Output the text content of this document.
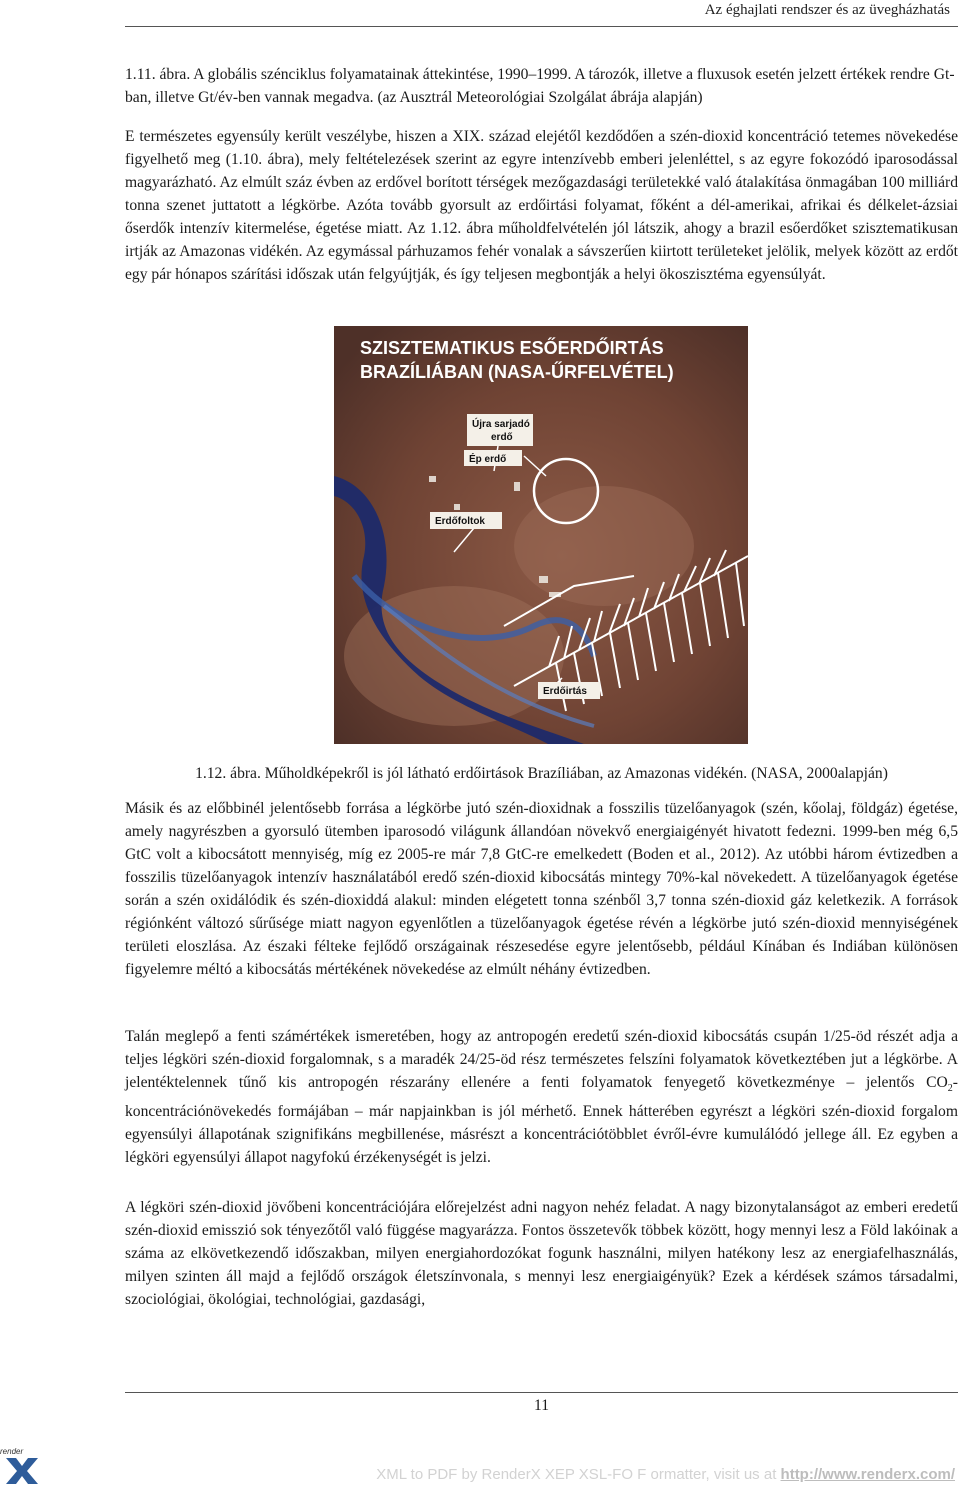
Az éghajlati rendszer és az üvegházhatás
1.11. ábra. A globális szénciklus folyamatainak áttekintése, 1990–1999. A tározók, illetve a fluxusok esetén jelzett értékek rendre Gt-ban, illetve Gt/év-ben vannak megadva. (az Ausztrál Meteorológiai Szolgálat ábrája alapján)

E természetes egyensúly került veszélybe, hiszen a XIX. század elejétől kezdődően a szén-dioxid koncentráció tetemes növekedése figyelhető meg (1.10. ábra), mely feltételezések szerint az egyre intenzívebb emberi jelenléttel, s az egyre fokozódó iparosodással magyarázható. Az elmúlt száz évben az erdővel borított térségek mezőgazdasági területekké való átalakítása önmagában 100 milliárd tonna szenet juttatott a légkörbe. Azóta tovább gyorsult az erdőirtási folyamat, főként a dél-amerikai, afrikai és délkelet-ázsiai őserdők intenzív kitermelése, égetése miatt. Az 1.12. ábra műholdfelvételén jól látszik, ahogy a brazil esőerdőket szisztematikusan irtják az Amazonas vidékén. Az egymással párhuzamos fehér vonalak a sávszerűen kiirtott területeket jelölik, melyek között az erdőt egy pár hónapos szárítási időszak után felgyújtják, és így teljesen megbontják a helyi ökoszisztéma egyensúlyát.

SZISZTEMATIKUS ESŐERDŐIRTÁS
BRAZÍLIÁBAN (NASA-ŰRFELVÉTEL)
Újra sarjadó
erdő
Ép erdő
Erdőfoltok
Erdőirtás
1.12. ábra. Műholdképekről is jól látható erdőirtások Brazíliában, az Amazonas vidékén. (NASA, 2000alapján)

Másik és az előbbinél jelentősebb forrása a légkörbe jutó szén-dioxidnak a fosszilis tüzelőanyagok (szén, kőolaj, földgáz) égetése, amely nagyrészben a gyorsuló ütemben iparosodó világunk állandóan növekvő energiaigényét hivatott fedezni. 1999-ben még 6,5 GtC volt a kibocsátott mennyiség, míg ez 2005-re már 7,8 GtC-re emelkedett (Boden et al., 2012). Az utóbbi három évtizedben a fosszilis tüzelőanyagok intenzív használatából eredő szén-dioxid kibocsátás mintegy 70%-kal növekedett. A tüzelőanyagok égetése során a szén oxidálódik és szén-dioxiddá alakul: minden elégetett tonna szénből 3,7 tonna szén-dioxid gáz keletkezik. A források régiónként változó sűrűsége miatt nagyon egyenlőtlen a tüzelőanyagok égetése révén a légkörbe jutó szén-dioxid mennyiségének területi eloszlása. Az északi félteke fejlődő országainak részesedése egyre jelentősebb, például Kínában és Indiában különösen figyelemre méltó a kibocsátás mértékének növekedése az elmúlt néhány évtizedben.

Talán meglepő a fenti számértékek ismeretében, hogy az antropogén eredetű szén-dioxid kibocsátás csupán 1/25-öd részét adja a teljes légköri szén-dioxid forgalomnak, s a maradék 24/25-öd rész természetes felszíni folyamatok következtében jut a légkörbe. A jelentéktelennek tűnő kis antropogén részarány ellenére a fenti folyamatok fenyegető következménye – jelentős $CO_2$-koncentrációnövekedés formájában – már napjainkban is jól mérhető. Ennek hátterében egyrészt a légköri szén-dioxid forgalom egyensúlyi állapotának szignifikáns megbillenése, másrészt a koncentrációtöbblet évről-évre kumulálódó jellege áll. Ez egyben a légköri egyensúlyi állapot nagyfokú érzékenységét is jelzi.

A légköri szén-dioxid jövőbeni koncentrációjára előrejelzést adni nagyon nehéz feladat. A nagy bizonytalanságot az emberi eredetű szén-dioxid emisszió sok tényezőtől való függése magyarázza. Fontos összetevők többek között, hogy mennyi lesz a Föld lakóinak a száma az elkövetkezendő időszakban, milyen energiahordozókat fogunk használni, milyen hatékony lesz az energiafelhasználás, milyen szinten áll majd a fejlődő országok életszínvonala, s mennyi lesz energiaigényük? Ezek a kérdések számos társadalmi, szociológiai, ökológiai, technológiai, gazdasági,

11
render
XML to PDF by RenderX XEP XSL-FO F ormatter, visit us at http://www.renderx.com/
